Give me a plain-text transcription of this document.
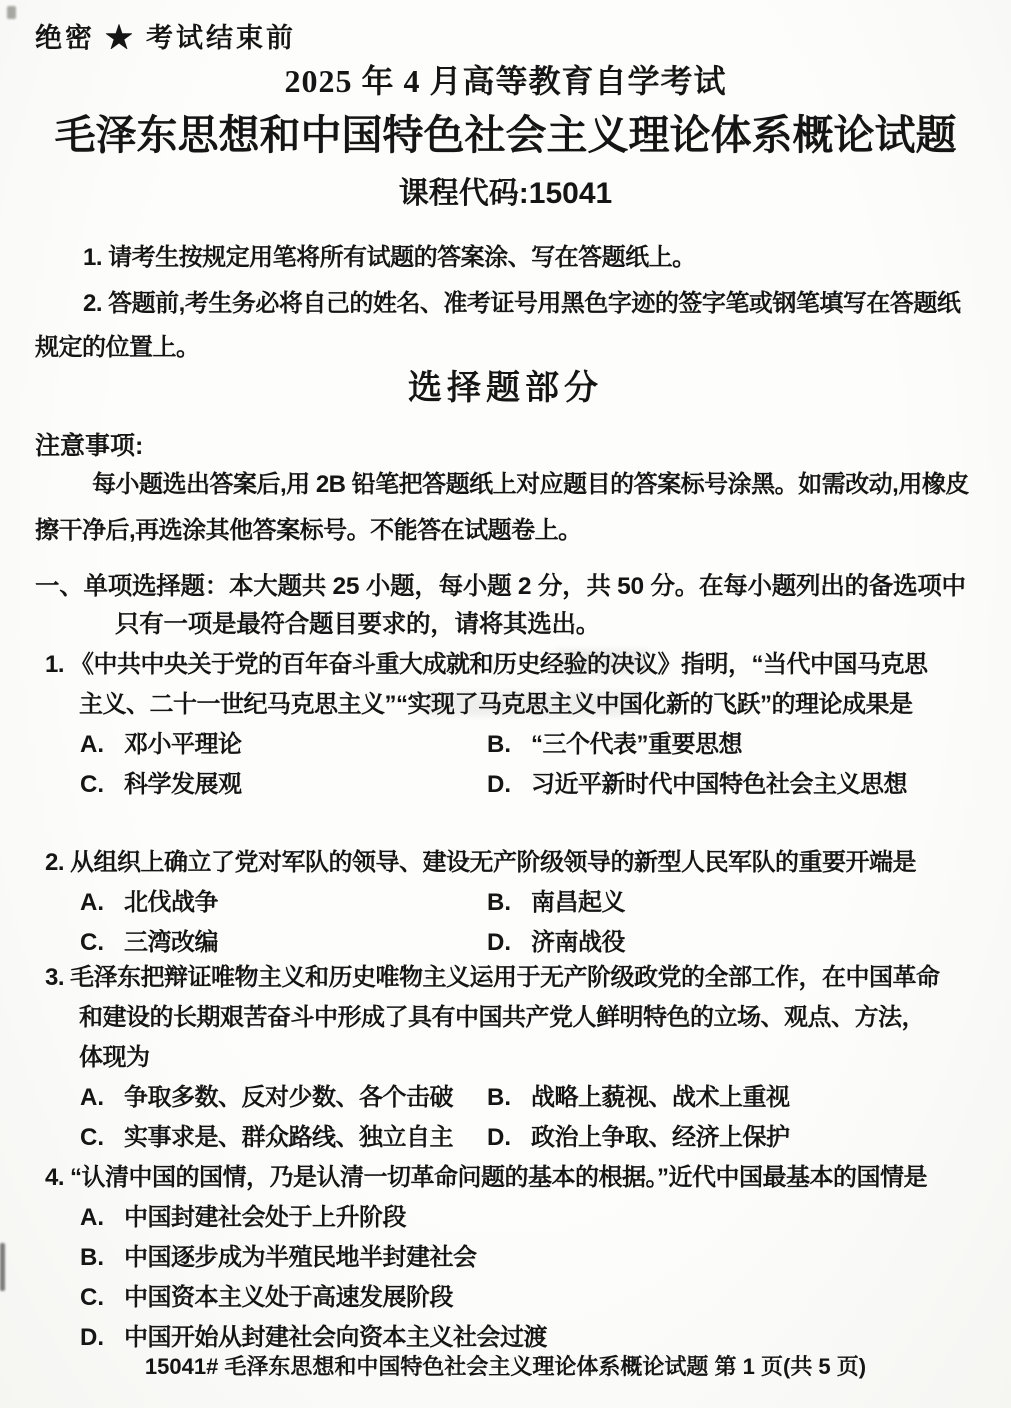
绝密 ★ 考试结束前
2025 年 4 月高等教育自学考试
毛泽东思想和中国特色社会主义理论体系概论试题
课程代码:15041
1. 请考生按规定用笔将所有试题的答案涂、写在答题纸上。
2. 答题前,考生务必将自己的姓名、准考证号用黑色字迹的签字笔或钢笔填写在答题纸规定的位置上。
选择题部分
注意事项:
每小题选出答案后,用 2B 铅笔把答题纸上对应题目的答案标号涂黑。如需改动,用橡皮擦干净后,再选涂其他答案标号。不能答在试题卷上。
一、单项选择题：本大题共 25 小题，每小题 2 分，共 50 分。在每小题列出的备选项中
只有一项是最符合题目要求的，请将其选出。
1. 《中共中央关于党的百年奋斗重大成就和历史经验的决议》指明，“当代中国马克思主义、二十一世纪马克思主义”“实现了马克思主义中国化新的飞跃”的理论成果是
A. 邓小平理论	B. “三个代表”重要思想
C. 科学发展观	D. 习近平新时代中国特色社会主义思想
2. 从组织上确立了党对军队的领导、建设无产阶级领导的新型人民军队的重要开端是
A. 北伐战争	B. 南昌起义
C. 三湾改编	D. 济南战役
3. 毛泽东把辩证唯物主义和历史唯物主义运用于无产阶级政党的全部工作，在中国革命和建设的长期艰苦奋斗中形成了具有中国共产党人鲜明特色的立场、观点、方法，体现为
A. 争取多数、反对少数、各个击破	B. 战略上藐视、战术上重视
C. 实事求是、群众路线、独立自主	D. 政治上争取、经济上保护
4. “认清中国的国情，乃是认清一切革命问题的基本的根据。”近代中国最基本的国情是
A. 中国封建社会处于上升阶段
B. 中国逐步成为半殖民地半封建社会
C. 中国资本主义处于高速发展阶段
D. 中国开始从封建社会向资本主义社会过渡
15041# 毛泽东思想和中国特色社会主义理论体系概论试题 第 1 页(共 5 页)
